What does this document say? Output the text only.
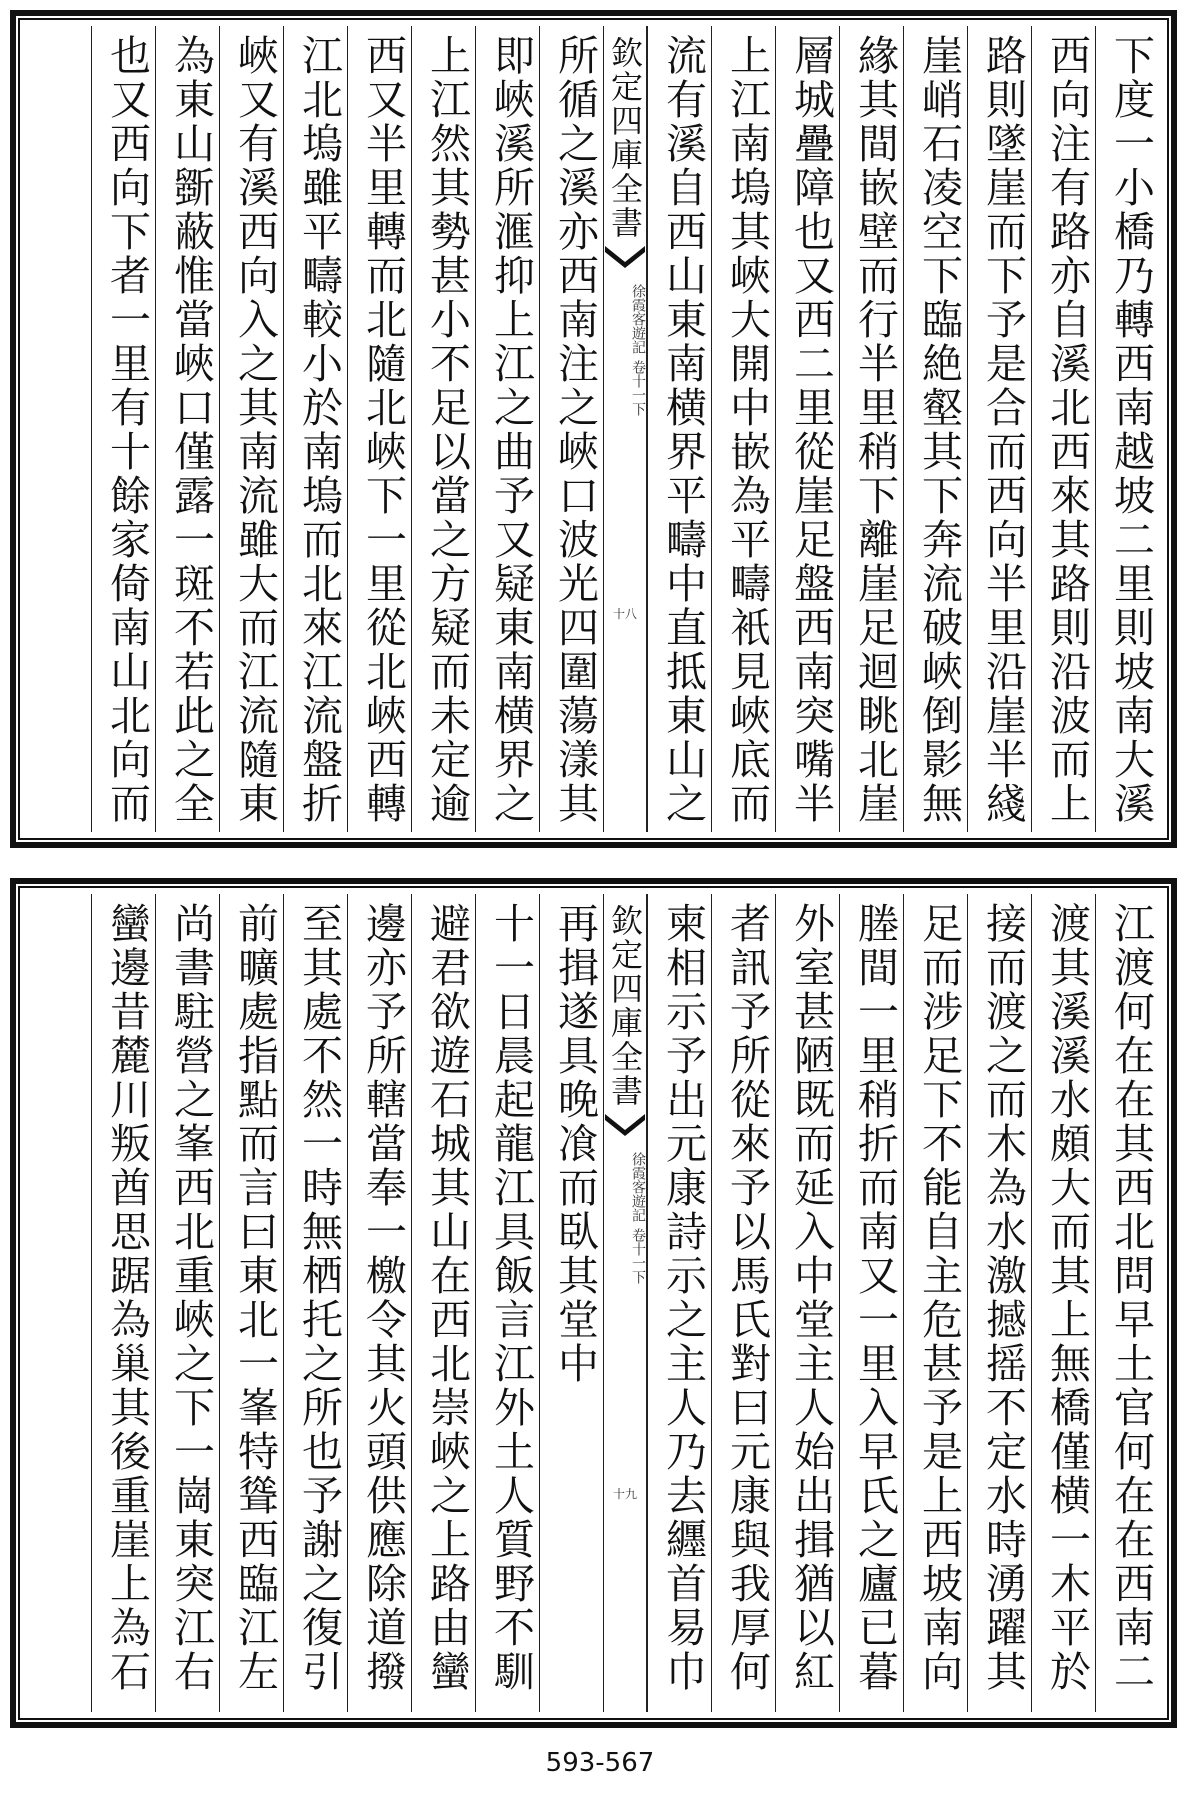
下度一小橋乃轉西南越坡二里則坡南大溪
西向注有路亦自溪北西來其路則沿波而上
路則墜崖而下予是合而西向半里沿崖半綫
崖峭石凌空下臨絶壑其下奔流破峽倒影無
緣其間嵌壁而行半里稍下離崖足迴眺北崖
層城疊障也又西二里從崖足盤西南突嘴半
上江南塢其峽大開中嵌為平疇衹見峽底而
流有溪自西山東南横界平疇中直抵東山之
欽定四庫全書
徐霞客遊記
卷十一下
十八
所循之溪亦西南注之峽口波光四圍蕩漾其
即峽溪所滙抑上江之曲予又疑東南横界之
上江然其勢甚小不足以當之方疑而未定逾
西又半里轉而北隨北峽下一里從北峽西轉
江北塢雖平疇較小於南塢而北來江流盤折
峽又有溪西向入之其南流雖大而江流隨東
為東山斵蔽惟當峽口僅露一斑不若此之全
也又西向下者一里有十餘家倚南山北向而
江渡何在在其西北問早土官何在在西南二
渡其溪溪水頗大而其上無橋僅横一木平於
接而渡之而木為水激撼摇不定水時湧躍其
足而涉足下不能自主危甚予是上西坡南向
塍間一里稍折而南又一里入早氏之廬已暮
外室甚陋既而延入中堂主人始出揖猶以紅
者訊予所從來予以馬氏對曰元康與我厚何
柬相示予出元康詩示之主人乃去纒首易巾
欽定四庫全書
徐霞客遊記
卷十一下
十九
再揖遂具晚飡而臥其堂中
十一日晨起龍江具飯言江外土人質野不馴
避君欲遊石城其山在西北崇峽之上路由蠻
邊亦予所轄當奉一檄令其火頭供應除道撥
至其處不然一時無栖托之所也予謝之復引
前曠處指點而言曰東北一峯特聳西臨江左
尚書駐營之峯西北重峽之下一崗東突江右
蠻邊昔麓川叛酋思踞為巢其後重崖上為石
593-567
